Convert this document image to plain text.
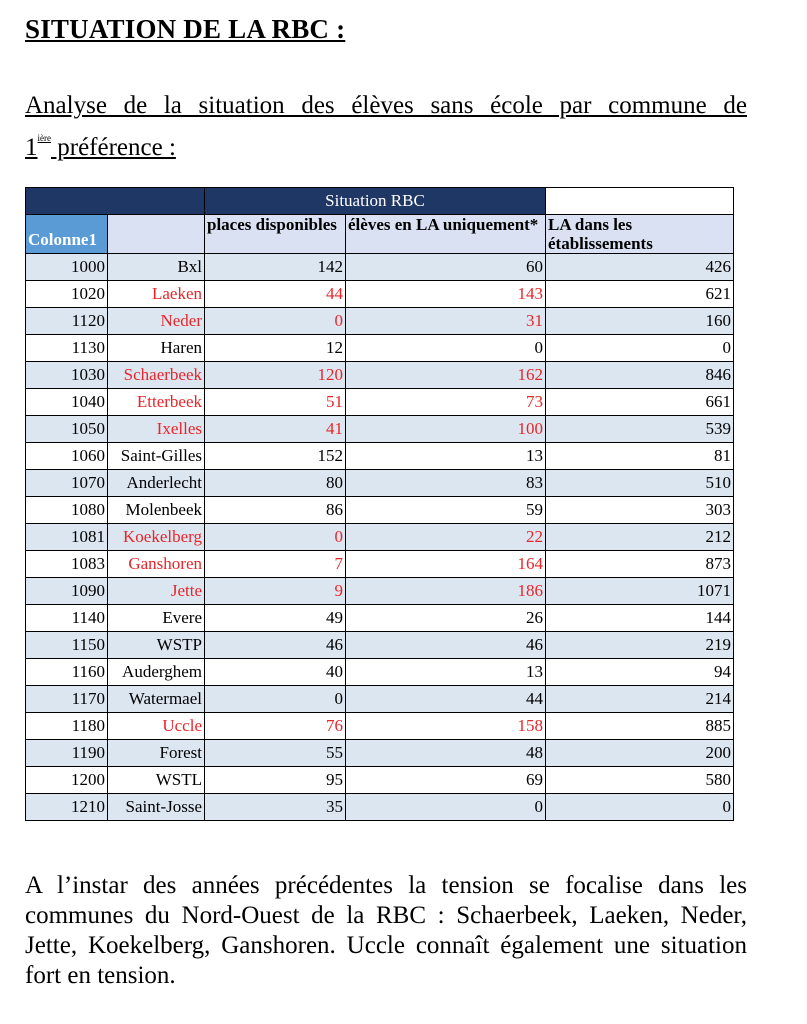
SITUATION DE LA RBC :
Analyse de la situation des élèves sans école par commune de
$1^{ière}$ préférence :
		Situation RBC		
Colonne1		places disponibles	élèves en LA uniquement*	LA dans les établissements
1000	Bxl	142	60	426
1020	Laeken	44	143	621
1120	Neder	0	31	160
1130	Haren	12	0	0
1030	Schaerbeek	120	162	846
1040	Etterbeek	51	73	661
1050	Ixelles	41	100	539
1060	Saint-Gilles	152	13	81
1070	Anderlecht	80	83	510
1080	Molenbeek	86	59	303
1081	Koekelberg	0	22	212
1083	Ganshoren	7	164	873
1090	Jette	9	186	1071
1140	Evere	49	26	144
1150	WSTP	46	46	219
1160	Auderghem	40	13	94
1170	Watermael	0	44	214
1180	Uccle	76	158	885
1190	Forest	55	48	200
1200	WSTL	95	69	580
1210	Saint-Josse	35	0	0
A l’instar des années précédentes la tension se focalise dans les communes du Nord-Ouest de la RBC : Schaerbeek, Laeken, Neder, Jette, Koekelberg, Ganshoren. Uccle connaît également une situation fort en tension.
